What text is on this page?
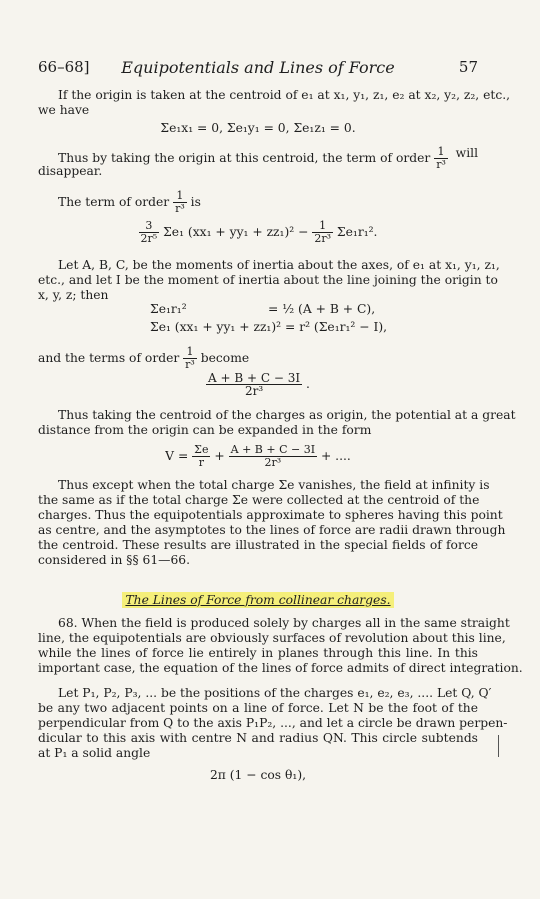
66–68]	Equipotentials and Lines of Force	57
If the origin is taken at the centroid of e₁ at x₁, y₁, z₁, e₂ at x₂, y₂, z₂, etc.,
we have
Σe₁x₁ = 0, Σe₁y₁ = 0, Σe₁z₁ = 0.
Thus by taking the origin at this centroid, the term of order $\frac{1}{\text{r³}}$ will
disappear.
The term of order $\frac{1}{\text{r³}}$ is
$\frac{3}{\text{2r⁵}} \Sigma e_1$ $(xx_1 + yy_1 + zz_1)^2 - \frac{1}{\text{2r³}} \Sigma e_1r_1^2$.
Let A, B, C, be the moments of inertia about the axes, of e₁ at x₁, y₁, z₁,
etc., and let I be the moment of inertia about the line joining the origin to
x, y, z; then
Σe₁r₁²	= ½ (A + B + C),
Σe₁ (xx₁ + yy₁ + zz₁)² = r² (Σe₁r₁² − I),
and the terms of order $\frac{1}{\text{r³}}$ become
$\frac{A + B + C - 3I}{\text{2r³}}$ .
Thus taking the centroid of the charges as origin, the potential at a great
distance from the origin can be expanded in the form
$V = \frac{\Sigma e}{r} + \frac{A + B + C - 3I}{\text{2r³}}$ + ....
Thus except when the total charge Σe vanishes, the field at infinity is
the same as if the total charge Σe were collected at the centroid of the
charges. Thus the equipotentials approximate to spheres having this point
as centre, and the asymptotes to the lines of force are radii drawn through
the centroid. These results are illustrated in the special fields of force
considered in §§ 61—66.
The Lines of Force from collinear charges.
68. When the field is produced solely by charges all in the same straight
line, the equipotentials are obviously surfaces of revolution about this line,
while the lines of force lie entirely in planes through this line. In this
important case, the equation of the lines of force admits of direct integration.
Let P₁, P₂, P₃, ... be the positions of the charges e₁, e₂, e₃, .... Let Q, Q′
be any two adjacent points on a line of force. Let N be the foot of the
perpendicular from Q to the axis P₁P₂, ..., and let a circle be drawn perpen-
dicular to this axis with centre N and radius QN. This circle subtends
at P₁ a solid angle
2π (1 − cos θ₁),
